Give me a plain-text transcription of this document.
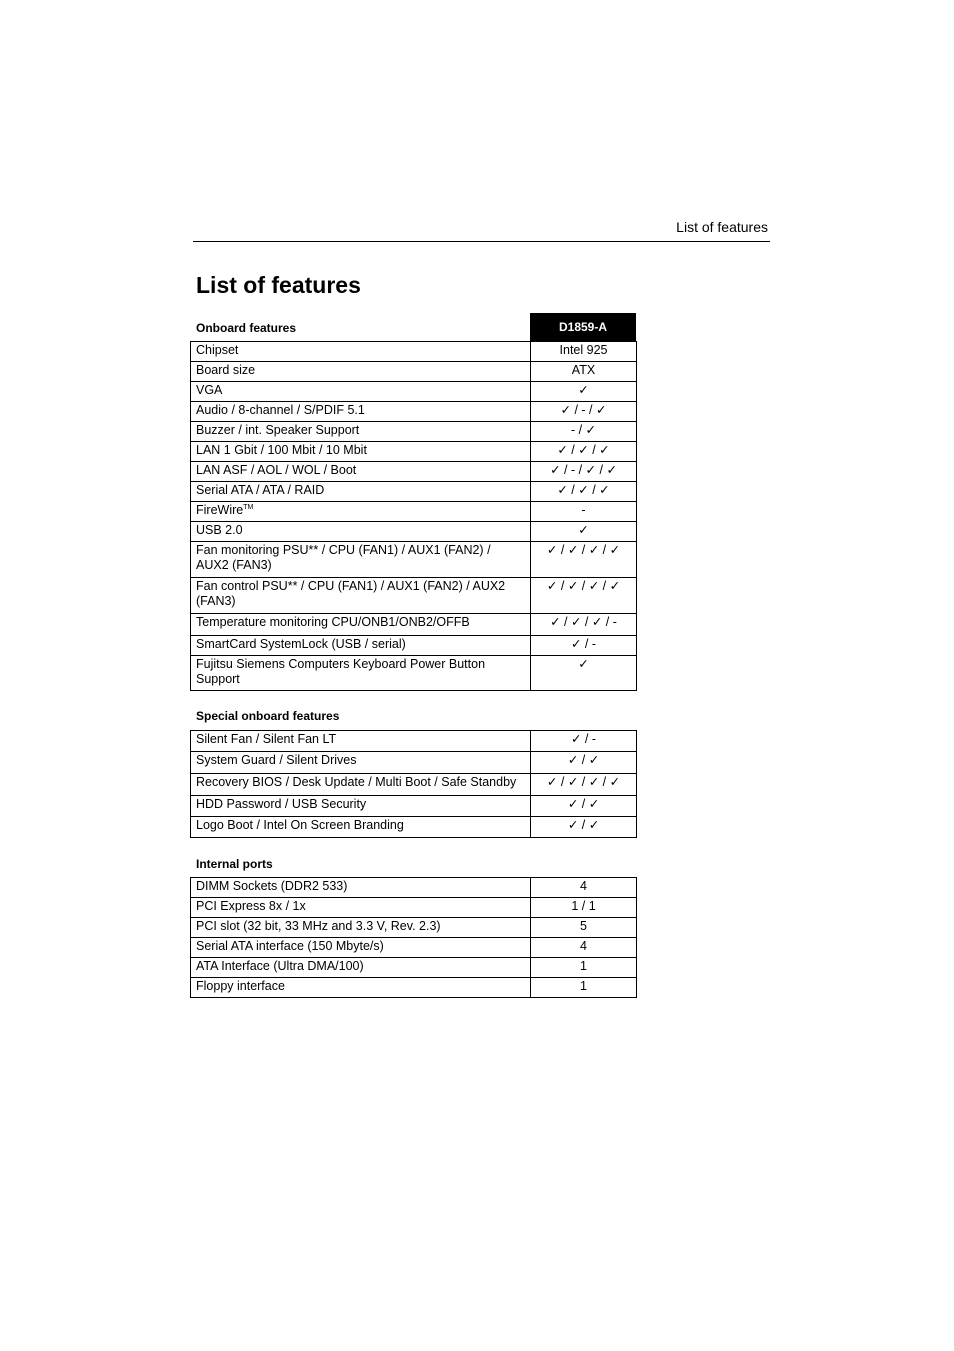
List of features
List of features
Onboard features	D1859-A
Chipset	Intel 925
Board size	ATX
VGA	✓
Audio / 8-channel / S/PDIF 5.1	✓ / - / ✓
Buzzer / int. Speaker Support	- / ✓
LAN 1 Gbit / 100 Mbit / 10 Mbit	✓ / ✓ / ✓
LAN ASF / AOL / WOL / Boot	✓ / - / ✓ / ✓
Serial ATA / ATA / RAID	✓ / ✓ / ✓
FireWire™	-
USB 2.0	✓
Fan monitoring PSU** / CPU (FAN1) / AUX1 (FAN2) / AUX2 (FAN3)	✓ / ✓ / ✓ / ✓
Fan control PSU** / CPU (FAN1) / AUX1 (FAN2) / AUX2 (FAN3)	✓ / ✓ / ✓ / ✓
Temperature monitoring CPU/ONB1/ONB2/OFFB	✓ / ✓ / ✓ / -
SmartCard SystemLock (USB / serial)	✓ / -
Fujitsu Siemens Computers Keyboard Power Button Support	✓
Special onboard features
Silent Fan / Silent Fan LT	✓ / -
System Guard / Silent Drives	✓ / ✓
Recovery BIOS / Desk Update / Multi Boot / Safe Standby	✓ / ✓ / ✓ / ✓
HDD Password / USB Security	✓ / ✓
Logo Boot / Intel On Screen Branding	✓ / ✓
Internal ports
DIMM Sockets (DDR2 533)	4
PCI Express 8x / 1x	1 / 1
PCI slot (32 bit, 33 MHz and 3.3 V, Rev. 2.3)	5
Serial ATA interface (150 Mbyte/s)	4
ATA Interface (Ultra DMA/100)	1
Floppy interface	1
